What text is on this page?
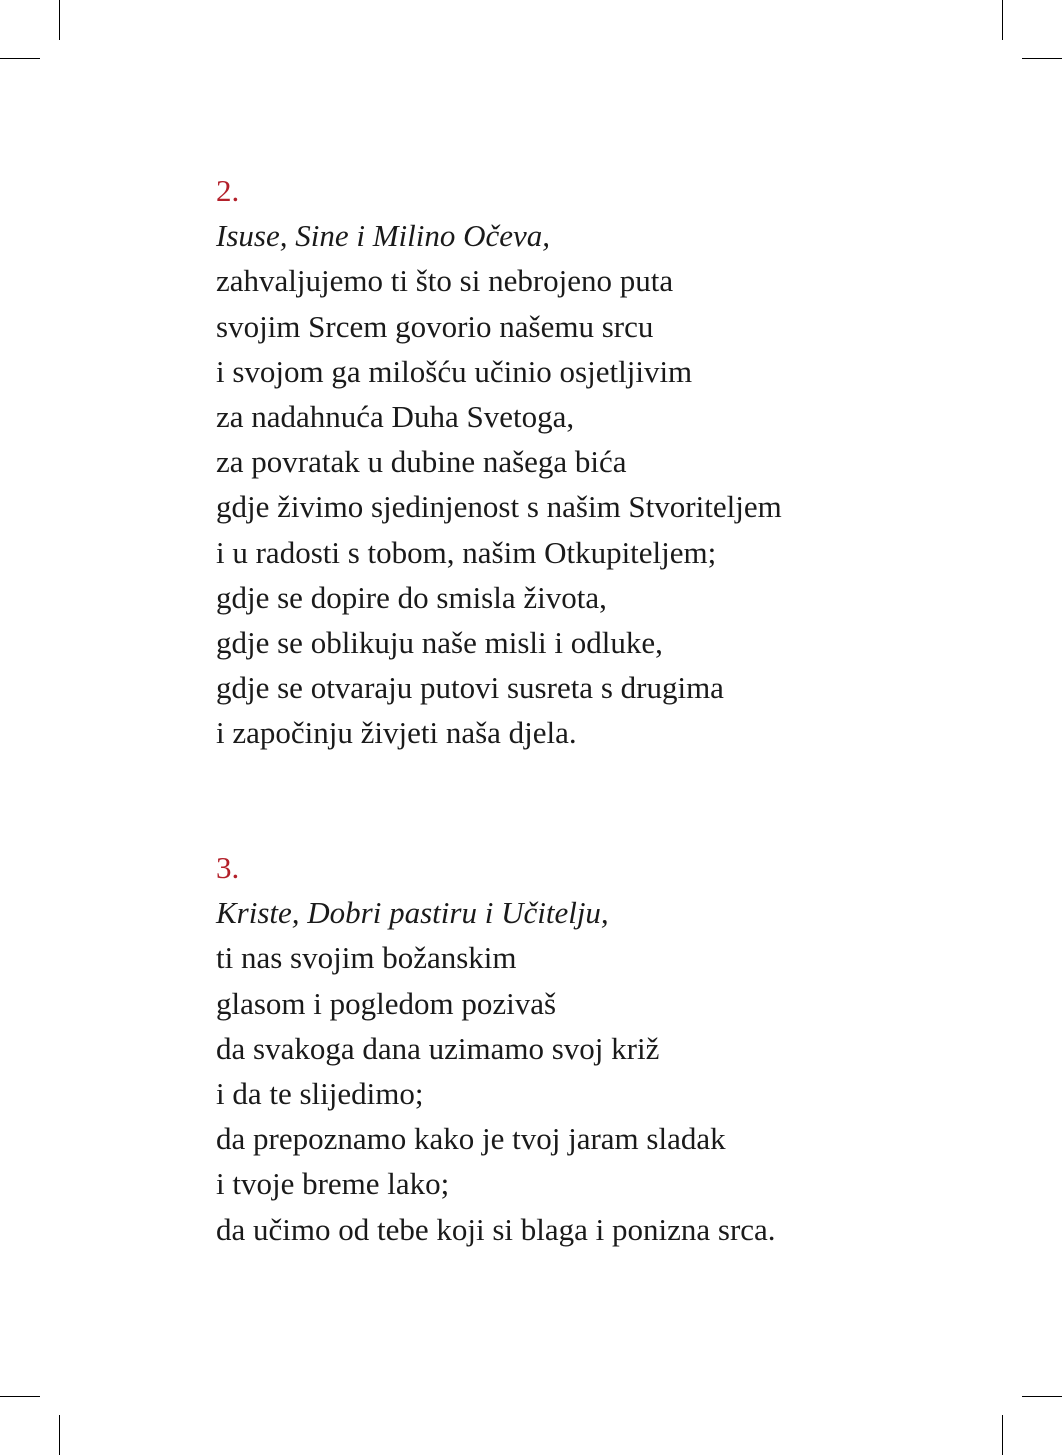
2.
Isuse, Sine i Milino Očeva,
zahvaljujemo ti što si nebrojeno puta
svojim Srcem govorio našemu srcu
i svojom ga milošću učinio osjetljivim
za nadahnuća Duha Svetoga,
za povratak u dubine našega bića
gdje živimo sjedinjenost s našim Stvoriteljem
i u radosti s tobom, našim Otkupiteljem;
gdje se dopire do smisla života,
gdje se oblikuju naše misli i odluke,
gdje se otvaraju putovi susreta s drugima
i započinju živjeti naša djela.
3.
Kriste, Dobri pastiru i Učitelju,
ti nas svojim božanskim
glasom i pogledom pozivaš
da svakoga dana uzimamo svoj križ
i da te slijedimo;
da prepoznamo kako je tvoj jaram sladak
i tvoje breme lako;
da učimo od tebe koji si blaga i ponizna srca.
